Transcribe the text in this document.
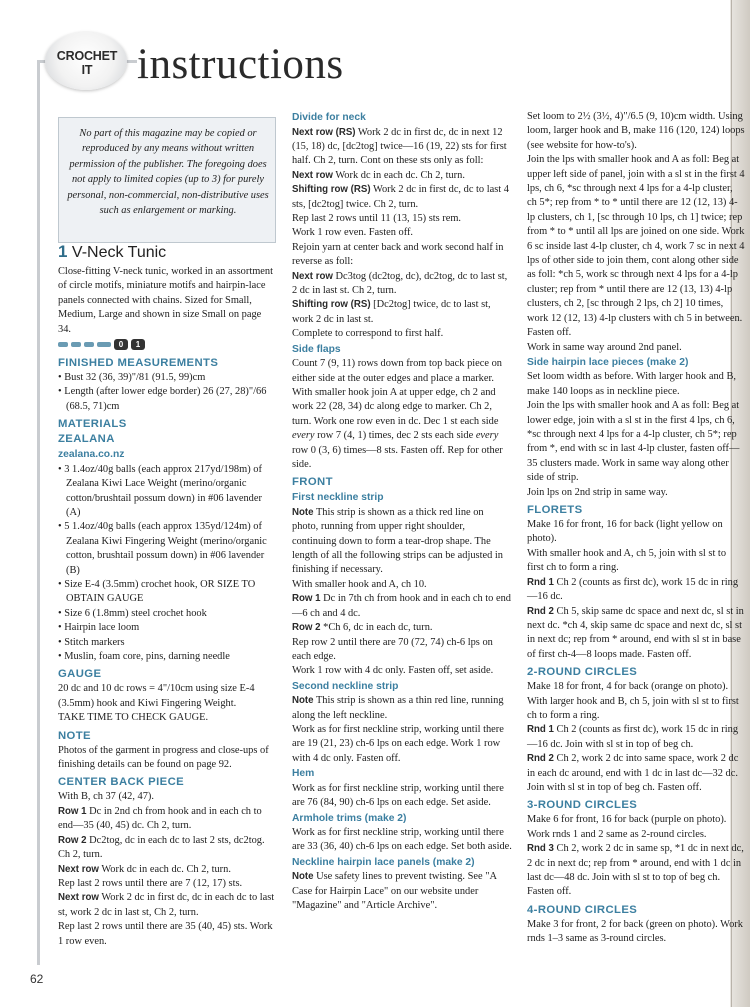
CROCHET IT	instructions
No part of this magazine may be copied or reproduced by any means without written permission of the publisher. The foregoing does not apply to limited copies (up to 3) for purely personal, non-commercial, non-distributive uses such as enlargement or marking.
1 V-Neck Tunic

Close-fitting V-neck tunic, worked in an assortment of circle motifs, miniature motifs and hairpin-lace panels connected with chains. Sized for Small, Medium, Large and shown in size Small on page 34.

0	1
FINISHED MEASUREMENTS

• Bust 32 (36, 39)"/81 (91.5, 99)cm

• Length (after lower edge border) 26 (27, 28)"/66 (68.5, 71)cm

MATERIALS
ZEALANA
zealana.co.nz

• 3 1.4oz/40g balls (each approx 217yd/198m) of Zealana Kiwi Lace Weight (merino/organic cotton/brushtail possum down) in #06 lavender (A)

• 5 1.4oz/40g balls (each approx 135yd/124m) of Zealana Kiwi Fingering Weight (merino/organic cotton, brushtail possum down) in #06 lavender (B)

• Size E-4 (3.5mm) crochet hook, OR SIZE TO OBTAIN GAUGE

• Size 6 (1.8mm) steel crochet hook

• Hairpin lace loom

• Stitch markers

• Muslin, foam core, pins, darning needle

GAUGE

20 dc and 10 dc rows = 4"/10cm using size E-4 (3.5mm) hook and Kiwi Fingering Weight.

TAKE TIME TO CHECK GAUGE.

NOTE

Photos of the garment in progress and close-ups of finishing details can be found on page 92.

CENTER BACK PIECE

With B, ch 37 (42, 47).

Row 1 Dc in 2nd ch from hook and in each ch to end—35 (40, 45) dc. Ch 2, turn.

Row 2 Dc2tog, dc in each dc to last 2 sts, dc2tog. Ch 2, turn.

Next row Work dc in each dc. Ch 2, turn.

Rep last 2 rows until there are 7 (12, 17) sts.

Next row Work 2 dc in first dc, dc in each dc to last st, work 2 dc in last st, Ch 2, turn.

Rep last 2 rows until there are 35 (40, 45) sts. Work 1 row even.

Divide for neck

Next row (RS) Work 2 dc in first dc, dc in next 12 (15, 18) dc, [dc2tog] twice—16 (19, 22) sts for first half. Ch 2, turn. Cont on these sts only as foll:

Next row Work dc in each dc. Ch 2, turn.

Shifting row (RS) Work 2 dc in first dc, dc to last 4 sts, [dc2tog] twice. Ch 2, turn.

Rep last 2 rows until 11 (13, 15) sts rem.

Work 1 row even. Fasten off.

Rejoin yarn at center back and work second half in reverse as foll:

Next row Dc3tog (dc2tog, dc), dc2tog, dc to last st, 2 dc in last st. Ch 2, turn.

Shifting row (RS) [Dc2tog] twice, dc to last st, work 2 dc in last st.

Complete to correspond to first half.

Side flaps

Count 7 (9, 11) rows down from top back piece on either side at the outer edges and place a marker. With smaller hook join A at upper edge, ch 2 and work 22 (28, 34) dc along edge to marker. Ch 2, turn. Work one row even in dc. Dec 1 st each side every row 7 (4, 1) times, dec 2 sts each side every row 0 (3, 6) times—8 sts. Fasten off. Rep for other side.

FRONT
First neckline strip

Note This strip is shown as a thick red line on photo, running from upper right shoulder, continuing down to form a tear-drop shape. The length of all the following strips can be adjusted in finishing if necessary.

With smaller hook and A, ch 10.

Row 1 Dc in 7th ch from hook and in each ch to end—6 ch and 4 dc.

Row 2 *Ch 6, dc in each dc, turn.

Rep row 2 until there are 70 (72, 74) ch-6 lps on each edge.

Work 1 row with 4 dc only. Fasten off, set aside.

Second neckline strip

Note This strip is shown as a thin red line, running along the left neckline.

Work as for first neckline strip, working until there are 19 (21, 23) ch-6 lps on each edge. Work 1 row with 4 dc only. Fasten off.

Hem

Work as for first neckline strip, working until there are 76 (84, 90) ch-6 lps on each edge. Set aside.

Armhole trims (make 2)

Work as for first neckline strip, working until there are 33 (36, 40) ch-6 lps on each edge. Set both aside.

Neckline hairpin lace panels (make 2)

Note Use safety lines to prevent twisting. See "A Case for Hairpin Lace" on our website under "Magazine" and "Article Archive".

Set loom to 2½ (3½, 4)"/6.5 (9, 10)cm width. Using loom, larger hook and B, make 116 (120, 124) loops (see website for how-to's).

Join the lps with smaller hook and A as foll: Beg at upper left side of panel, join with a sl st in the first 4 lps, ch 6, *sc through next 4 lps for a 4-lp cluster, ch 5*; rep from * to * until there are 12 (12, 13) 4-lp clusters, ch 1, [sc through 10 lps, ch 1] twice; rep from * to * until all lps are joined on one side. Work 6 sc inside last 4-lp cluster, ch 4, work 7 sc in next 4 lps of other side to join them, cont along other side as foll: *ch 5, work sc through next 4 lps for a 4-lp cluster; rep from * until there are 12 (13, 13) 4-lp clusters, ch 2, [sc through 2 lps, ch 2] 10 times, work 12 (12, 13) 4-lp clusters with ch 5 in between. Fasten off.

Work in same way around 2nd panel.

Side hairpin lace pieces (make 2)

Set loom width as before. With larger hook and B, make 140 loops as in neckline piece.

Join the lps with smaller hook and A as foll: Beg at lower edge, join with a sl st in the first 4 lps, ch 6, *sc through next 4 lps for a 4-lp cluster, ch 5*; rep from *, end with sc in last 4-lp cluster, fasten off—35 clusters made. Work in same way along other side of strip.

Join lps on 2nd strip in same way.

FLORETS

Make 16 for front, 16 for back (light yellow on photo).

With smaller hook and A, ch 5, join with sl st to first ch to form a ring.

Rnd 1 Ch 2 (counts as first dc), work 15 dc in ring—16 dc.

Rnd 2 Ch 5, skip same dc space and next dc, sl st in next dc. *ch 4, skip same dc space and next dc, sl st in next dc; rep from * around, end with sl st in base of first ch-4—8 loops made. Fasten off.

2-ROUND CIRCLES

Make 18 for front, 4 for back (orange on photo). With larger hook and B, ch 5, join with sl st to first ch to form a ring.

Rnd 1 Ch 2 (counts as first dc), work 15 dc in ring—16 dc. Join with sl st in top of beg ch.

Rnd 2 Ch 2, work 2 dc into same space, work 2 dc in each dc around, end with 1 dc in last dc—32 dc. Join with sl st in top of beg ch. Fasten off.

3-ROUND CIRCLES

Make 6 for front, 16 for back (purple on photo).

Work rnds 1 and 2 same as 2-round circles.

Rnd 3 Ch 2, work 2 dc in same sp, *1 dc in next dc, 2 dc in next dc; rep from * around, end with 1 dc in last dc—48 dc. Join with sl st to top of beg ch. Fasten off.

4-ROUND CIRCLES

Make 3 for front, 2 for back (green on photo). Work rnds 1–3 same as 3-round circles.

62
